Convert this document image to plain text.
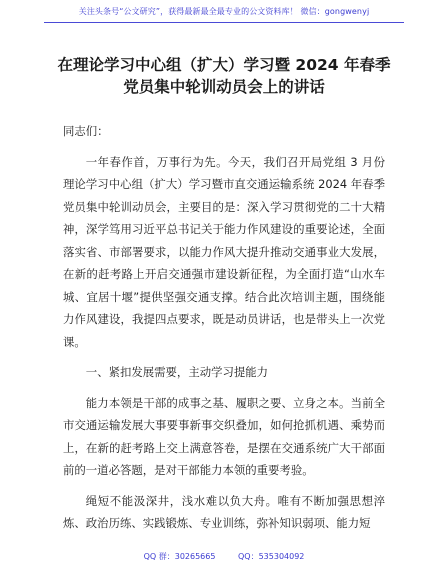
关注头条号“公文研究”，获得最新最全最专业的公文资料库！ 微信：gongwenyj
在理论学习中心组（扩大）学习暨 2024 年春季
党员集中轮训动员会上的讲话

同志们：

一年春作首，万事行为先。今天，我们召开局党组 3 月份理论学习中心组（扩大）学习暨市直交通运输系统 2024 年春季党员集中轮训动员会，主要目的是：深入学习贯彻党的二十大精神，深学笃用习近平总书记关于能力作风建设的重要论述，全面落实省、市部署要求，以能力作风大提升推动交通事业大发展，在新的赶考路上开启交通强市建设新征程，为全面打造“山水车城、宜居十堰”提供坚强交通支撑。结合此次培训主题，围绕能力作风建设，我提四点要求，既是动员讲话，也是带头上一次党课。

一、紧扣发展需要，主动学习提能力

能力本领是干部的成事之基、履职之要、立身之本。当前全市交通运输发展大事要事新事交织叠加，如何抢抓机遇、乘势而上，在新的赶考路上交上满意答卷，是摆在交通系统广大干部面前的一道必答题，是对干部能力本领的重要考验。

绳短不能汲深井，浅水难以负大舟。唯有不断加强思想淬炼、政治历练、实践锻炼、专业训练，弥补知识弱项、能力短

QQ 群：30265665	QQ：535304092
